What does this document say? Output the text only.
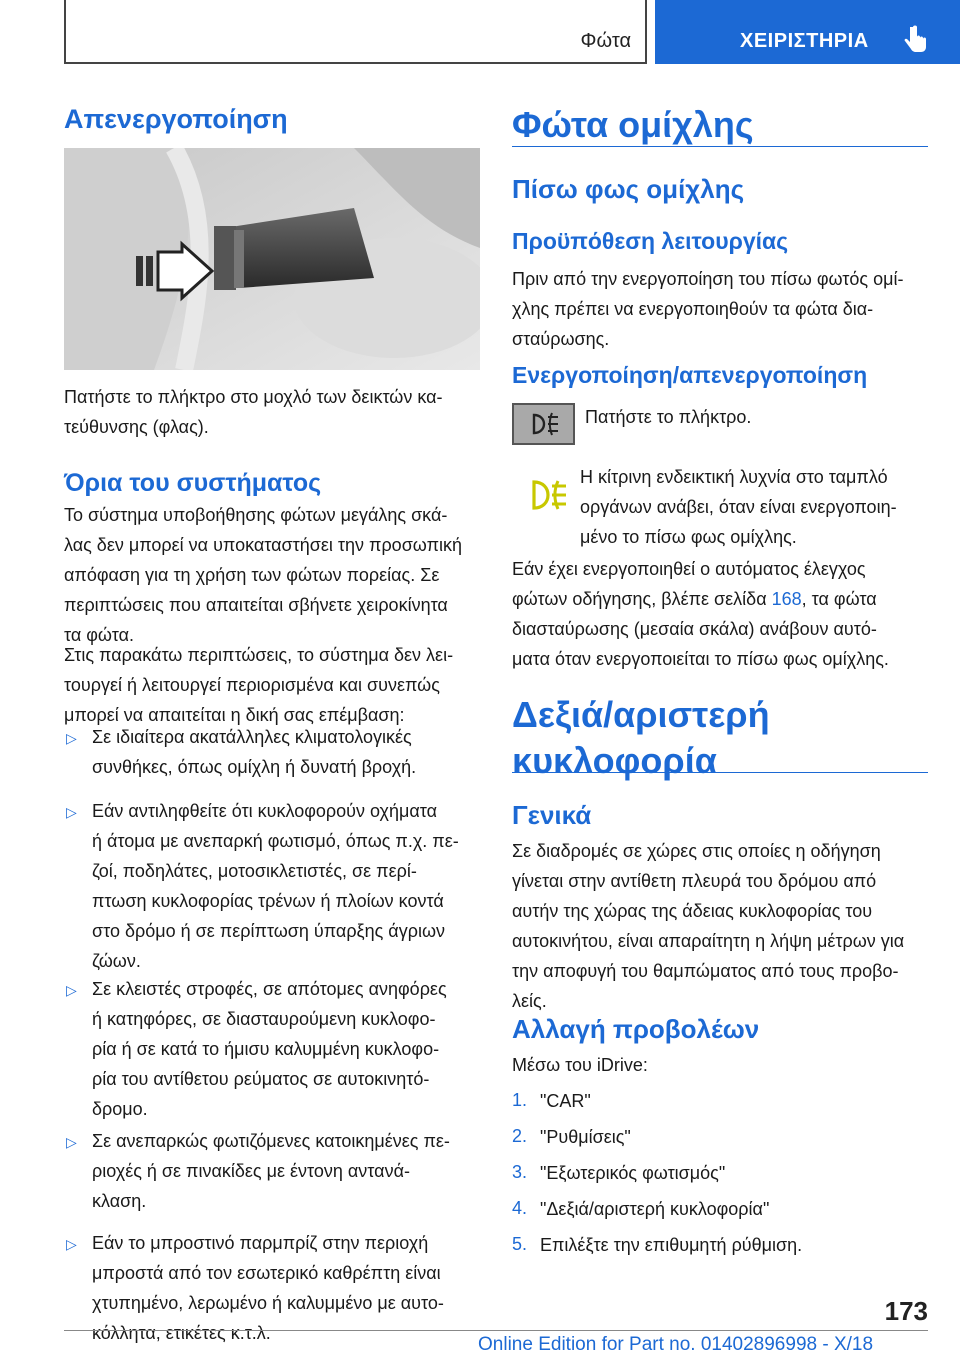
Φώτα	ΧΕΙΡΙΣΤΗΡΙΑ
Απενεργοποίηση
Πατήστε το πλήκτρο στο μοχλό των δεικτών κα-
τεύθυνσης (φλας).
Όρια του συστήματος
Το σύστημα υποβοήθησης φώτων μεγάλης σκά-
λας δεν μπορεί να υποκαταστήσει την προσωπική
απόφαση για τη χρήση των φώτων πορείας. Σε
περιπτώσεις που απαιτείται σβήνετε χειροκίνητα
τα φώτα.
Στις παρακάτω περιπτώσεις, το σύστημα δεν λει-
τουργεί ή λειτουργεί περιορισμένα και συνεπώς
μπορεί να απαιτείται η δική σας επέμβαση:
▷ Σε ιδιαίτερα ακατάλληλες κλιματολογικές
συνθήκες, όπως ομίχλη ή δυνατή βροχή.
▷ Εάν αντιληφθείτε ότι κυκλοφορούν οχήματα
ή άτομα με ανεπαρκή φωτισμό, όπως π.χ. πε-
ζοί, ποδηλάτες, μοτοσικλετιστές, σε περί-
πτωση κυκλοφορίας τρένων ή πλοίων κοντά
στο δρόμο ή σε περίπτωση ύπαρξης άγριων
ζώων.
▷ Σε κλειστές στροφές, σε απότομες ανηφόρες
ή κατηφόρες, σε διασταυρούμενη κυκλοφο-
ρία ή σε κατά το ήμισυ καλυμμένη κυκλοφο-
ρία του αντίθετου ρεύματος σε αυτοκινητό-
δρομο.
▷ Σε ανεπαρκώς φωτιζόμενες κατοικημένες πε-
ριοχές ή σε πινακίδες με έντονη αντανά-
κλαση.
▷ Εάν το μπροστινό παρμπρίζ στην περιοχή
μπροστά από τον εσωτερικό καθρέπτη είναι
χτυπημένο, λερωμένο ή καλυμμένο με αυτο-
κόλλητα, ετικέτες κ.τ.λ.
Φώτα ομίχλης
Πίσω φως ομίχλης
Προϋπόθεση λειτουργίας
Πριν από την ενεργοποίηση του πίσω φωτός ομί-
χλης πρέπει να ενεργοποιηθούν τα φώτα δια-
σταύρωσης.
Ενεργοποίηση/απενεργοποίηση
Πατήστε το πλήκτρο.
Η κίτρινη ενδεικτική λυχνία στο ταμπλό
οργάνων ανάβει, όταν είναι ενεργοποιη-
μένο το πίσω φως ομίχλης.
Εάν έχει ενεργοποιηθεί ο αυτόματος έλεγχος
φώτων οδήγησης, βλέπε σελίδα 168, τα φώτα
διασταύρωσης (μεσαία σκάλα) ανάβουν αυτό-
ματα όταν ενεργοποιείται το πίσω φως ομίχλης.
Δεξιά/αριστερή
κυκλοφορία
Γενικά
Σε διαδρομές σε χώρες στις οποίες η οδήγηση
γίνεται στην αντίθετη πλευρά του δρόμου από
αυτήν της χώρας της άδειας κυκλοφορίας του
αυτοκινήτου, είναι απαραίτητη η λήψη μέτρων για
την αποφυγή του θαμπώματος από τους προβο-
λείς.
Αλλαγή προβολέων
Μέσω του iDrive:
1. "CAR"
2. "Ρυθμίσεις"
3. "Εξωτερικός φωτισμός"
4. "Δεξιά/αριστερή κυκλοφορία"
5. Επιλέξτε την επιθυμητή ρύθμιση.
173
Online Edition for Part no. 01402896998 - X/18
